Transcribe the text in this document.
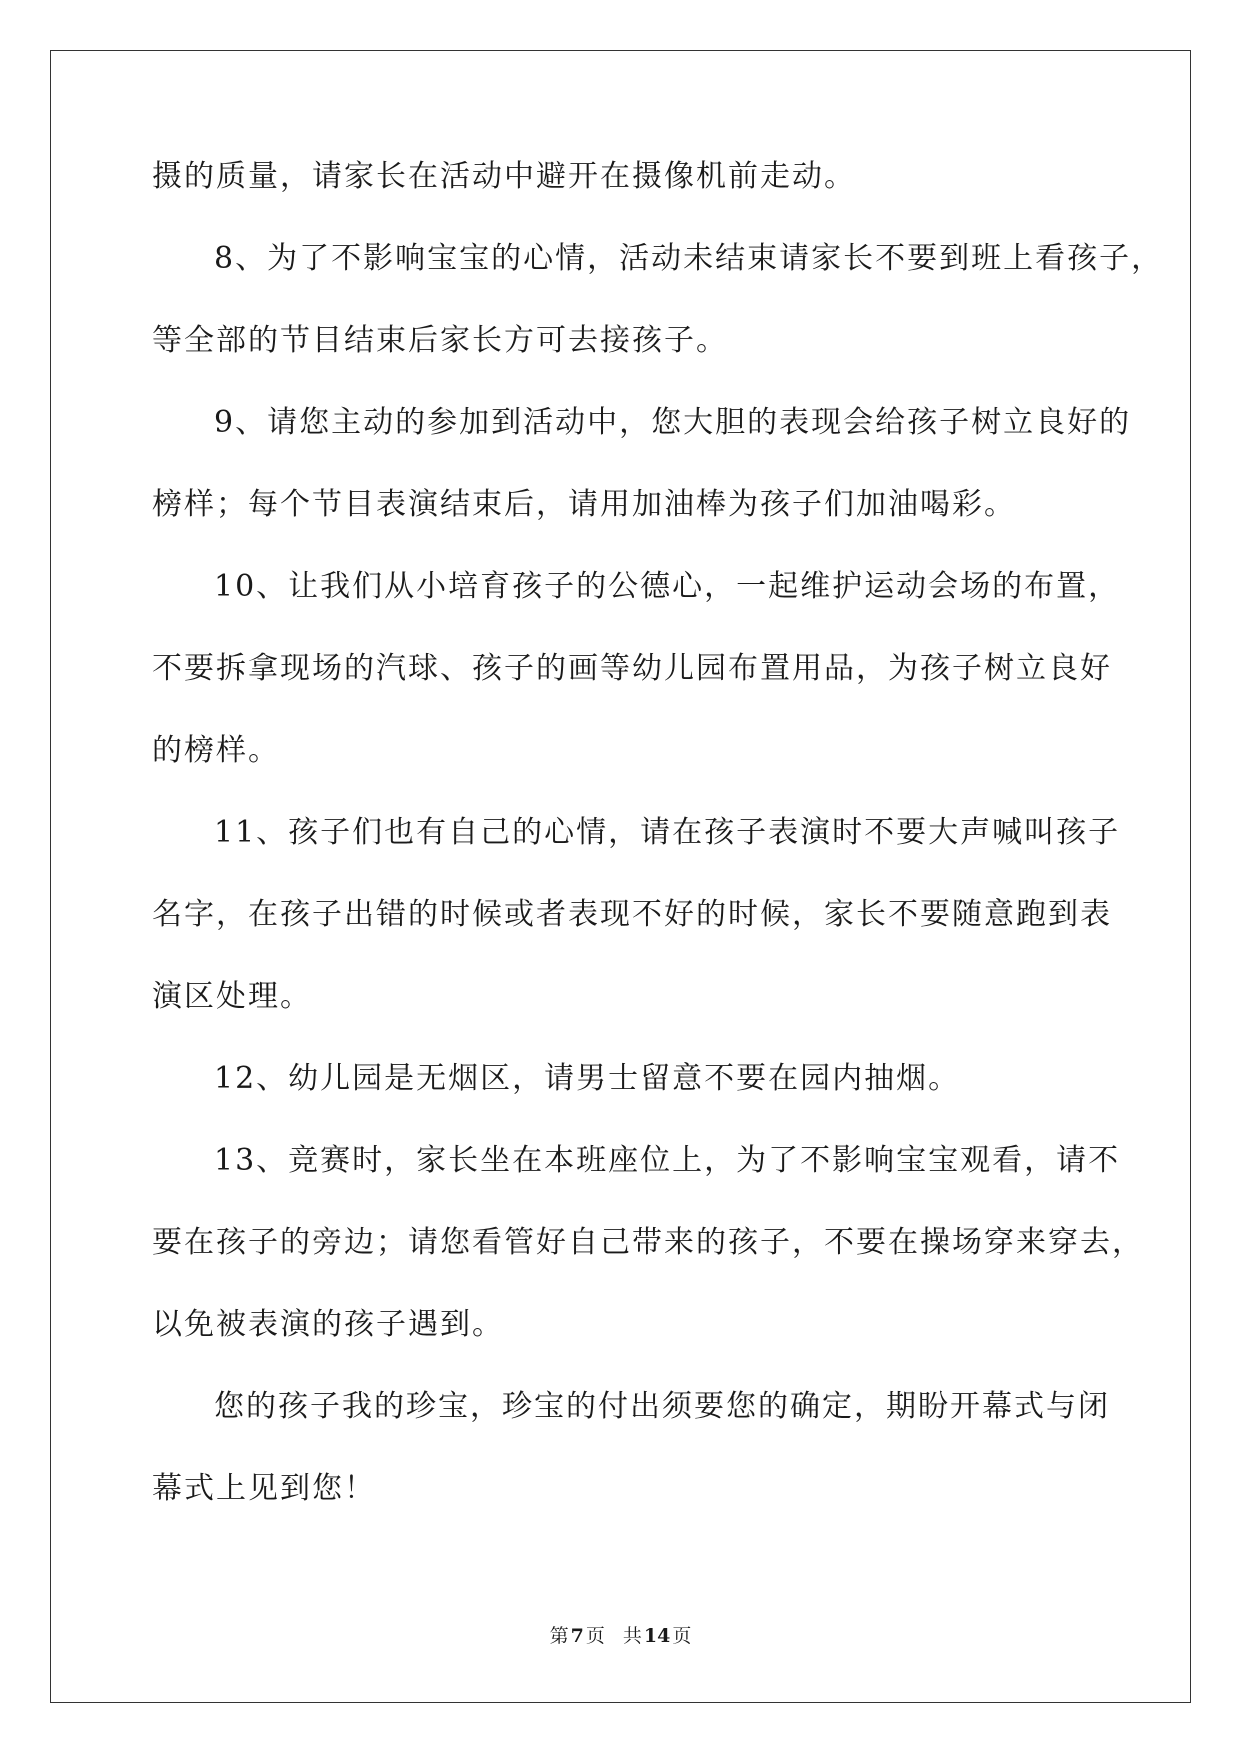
摄的质量，请家长在活动中避开在摄像机前走动。
8、为了不影响宝宝的心情，活动未结束请家长不要到班上看孩子，
等全部的节目结束后家长方可去接孩子。
9、请您主动的参加到活动中，您大胆的表现会给孩子树立良好的
榜样；每个节目表演结束后，请用加油棒为孩子们加油喝彩。
10、让我们从小培育孩子的公德心，一起维护运动会场的布置，
不要拆拿现场的汽球、孩子的画等幼儿园布置用品，为孩子树立良好
的榜样。
11、孩子们也有自己的心情，请在孩子表演时不要大声喊叫孩子
名字，在孩子出错的时候或者表现不好的时候，家长不要随意跑到表
演区处理。
12、幼儿园是无烟区，请男士留意不要在园内抽烟。
13、竞赛时，家长坐在本班座位上，为了不影响宝宝观看，请不
要在孩子的旁边；请您看管好自己带来的孩子，不要在操场穿来穿去，
以免被表演的孩子遇到。
您的孩子我的珍宝，珍宝的付出须要您的确定，期盼开幕式与闭
幕式上见到您！
第 7 页 共 14 页
